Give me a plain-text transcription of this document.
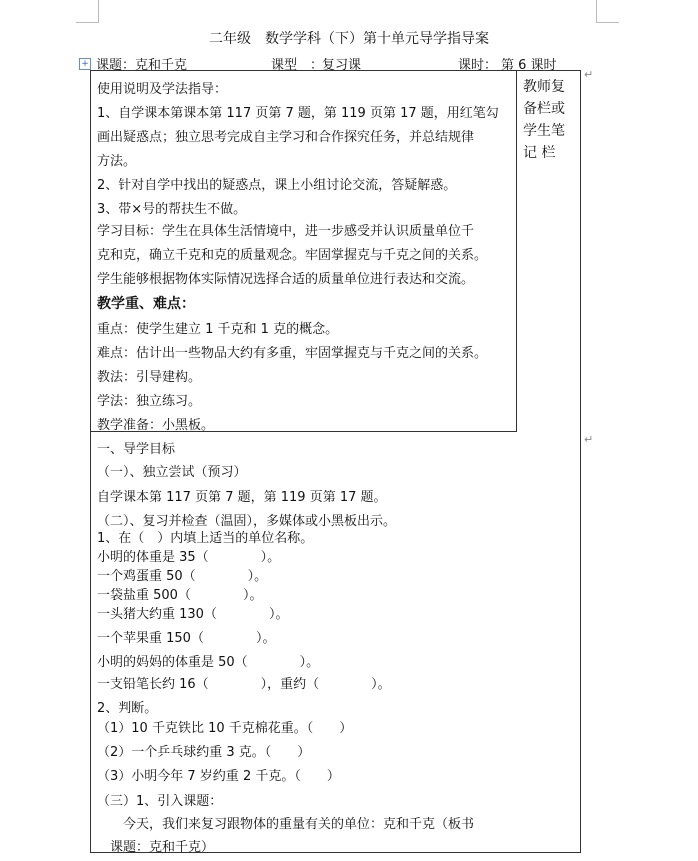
二年级　数学学科（下）第十单元导学指导案
+ 课题： 克和千克	课型　：
复习课	课时： 第 6 课时
↵
↵
教师复
备栏或
学生笔
记 栏
使用说明及学法指导：
1、自学课本第课本第 117 页第 7 题，第 119 页第 17 题，用红笔勾
画出疑惑点；独立思考完成自主学习和合作探究任务，并总结规律
方法。
2、针对自学中找出的疑惑点，课上小组讨论交流，答疑解惑。
3、带×号的帮扶生不做。
学习目标：学生在具体生活情境中，进一步感受并认识质量单位千
克和克，确立千克和克的质量观念。牢固掌握克与千克之间的关系。
学生能够根据物体实际情况选择合适的质量单位进行表达和交流。
教学重、难点：
重点：使学生建立 1 千克和 1 克的概念。
难点：估计出一些物品大约有多重，牢固掌握克与千克之间的关系。
教法：引导建构。
学法：独立练习。
教学准备：小黑板。
一、导学目标
（一）、独立尝试（预习）
自学课本第 117 页第 7 题，第 119 页第 17 题。
（二）、复习并检查（温固），多媒体或小黑板出示。
1、在（　）内填上适当的单位名称。
小明的体重是 35（　　　　）。
一个鸡蛋重 50（　　　　）。
一袋盐重 500（　　　　）。
一头猪大约重 130（　　　　）。
一个苹果重 150（　　　　）。
小明的妈妈的体重是 50（　　　　）。
一支铅笔长约 16（　　　　），重约（　　　　）。
2、判断。
（1）10 千克铁比 10 千克棉花重。（　　）
（2）一个乒乓球约重 3 克。（　　）
（3）小明今年 7 岁约重 2 千克。（　　）
（三）1、引入课题：
　　今天，我们来复习跟物体的重量有关的单位：克和千克（板书
　课题：克和千克）
